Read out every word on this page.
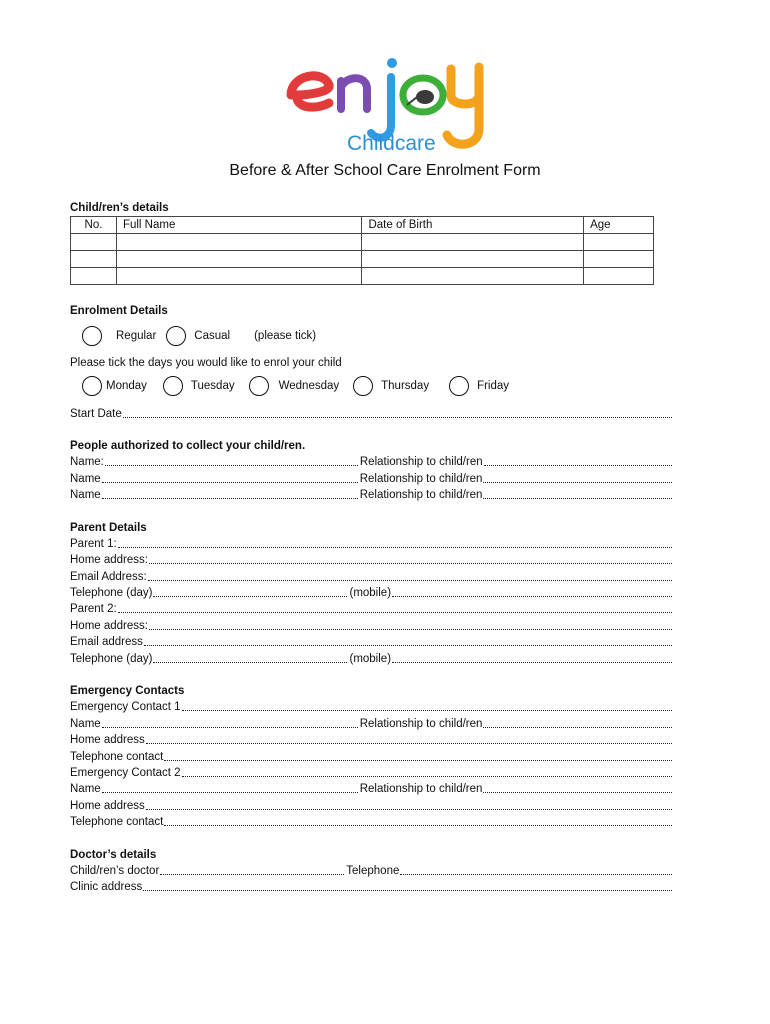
Childcare
Before & After School Care Enrolment Form
Child/ren’s details
No.	Full Name	Date of Birth	Age

Enrolment Details
Regular	Casual (please tick)
Please tick the days you would like to enrol your child
Monday	Tuesday	Wednesday	Thursday	Friday
Start Date
People authorized to collect your child/ren.
Name:	Relationship to child/ren
Name	Relationship to child/ren
Name	Relationship to child/ren
Parent Details
Parent 1:
Home address:
Email Address:
Telephone (day)	(mobile)
Parent 2:
Home address:
Email address
Telephone (day)	(mobile)
Emergency Contacts
Emergency Contact 1
Name	Relationship to child/ren
Home address
Telephone contact
Emergency Contact 2
Name	Relationship to child/ren
Home address
Telephone contact
Doctor’s details
Child/ren’s doctor	Telephone
Clinic address
